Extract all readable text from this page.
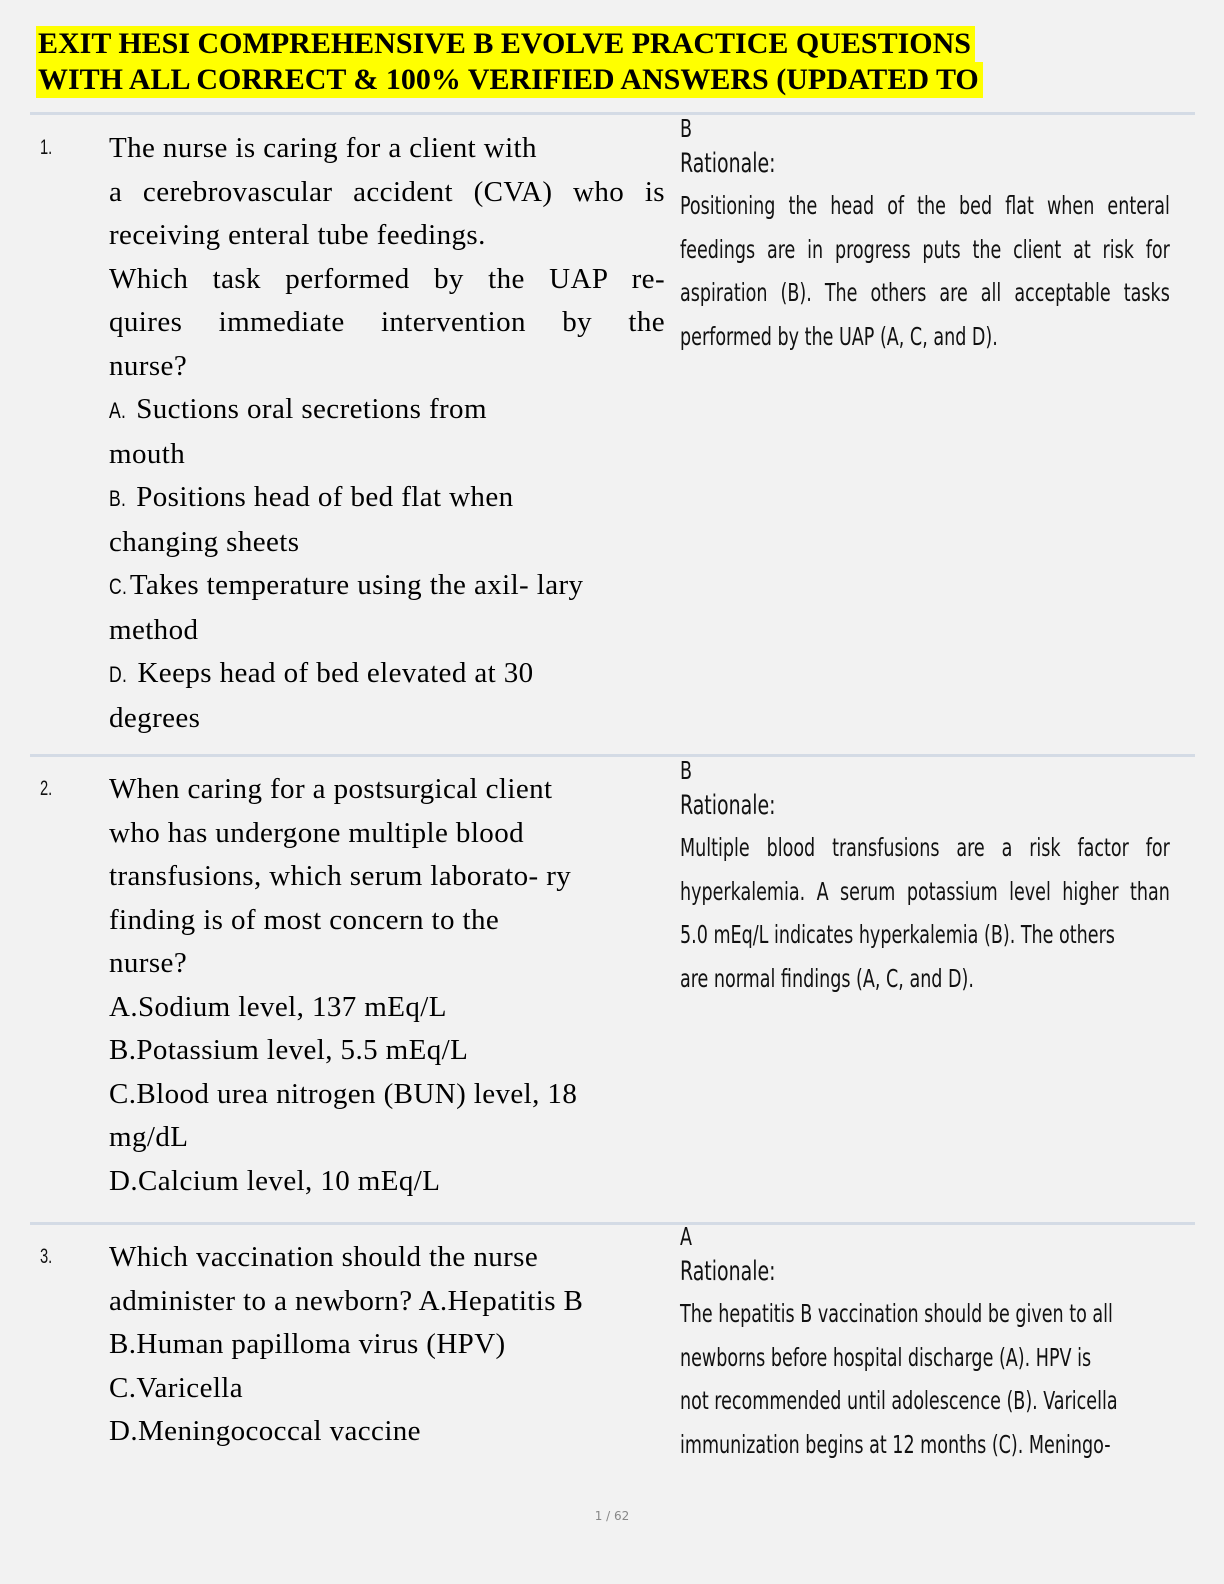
EXIT HESI COMPREHENSIVE B EVOLVE PRACTICE QUESTIONS
WITH ALL CORRECT & 100% VERIFIED ANSWERS (UPDATED TO
1. The nurse is caring for a client with
a cerebrovascular accident (CVA) who is
receiving enteral tube feedings.
Which task performed by the UAP re-
quires immediate intervention by the
nurse?
A. Suctions oral secretions from
mouth
B. Positions head of bed flat when
changing sheets
C.Takes temperature using the axil- lary
method
D. Keeps head of bed elevated at 30
degrees
B
Rationale:
Positioning the head of the bed flat when enteral
feedings are in progress puts the client at risk for
aspiration (B). The others are all acceptable tasks
performed by the UAP (A, C, and D).
2. When caring for a postsurgical client
who has undergone multiple blood
transfusions, which serum laborato- ry
finding is of most concern to the
nurse?
A.Sodium level, 137 mEq/L
B.Potassium level, 5.5 mEq/L
C.Blood urea nitrogen (BUN) level, 18
mg/dL
D.Calcium level, 10 mEq/L
B
Rationale:
Multiple blood transfusions are a risk factor for
hyperkalemia. A serum potassium level higher than
5.0 mEq/L indicates hyperkalemia (B). The others
are normal findings (A, C, and D).
3. Which vaccination should the nurse
administer to a newborn? A.Hepatitis B
B.Human papilloma virus (HPV)
C.Varicella
D.Meningococcal vaccine
A
Rationale:
The hepatitis B vaccination should be given to all
newborns before hospital discharge (A). HPV is
not recommended until adolescence (B). Varicella
immunization begins at 12 months (C). Meningo-
1 / 62
